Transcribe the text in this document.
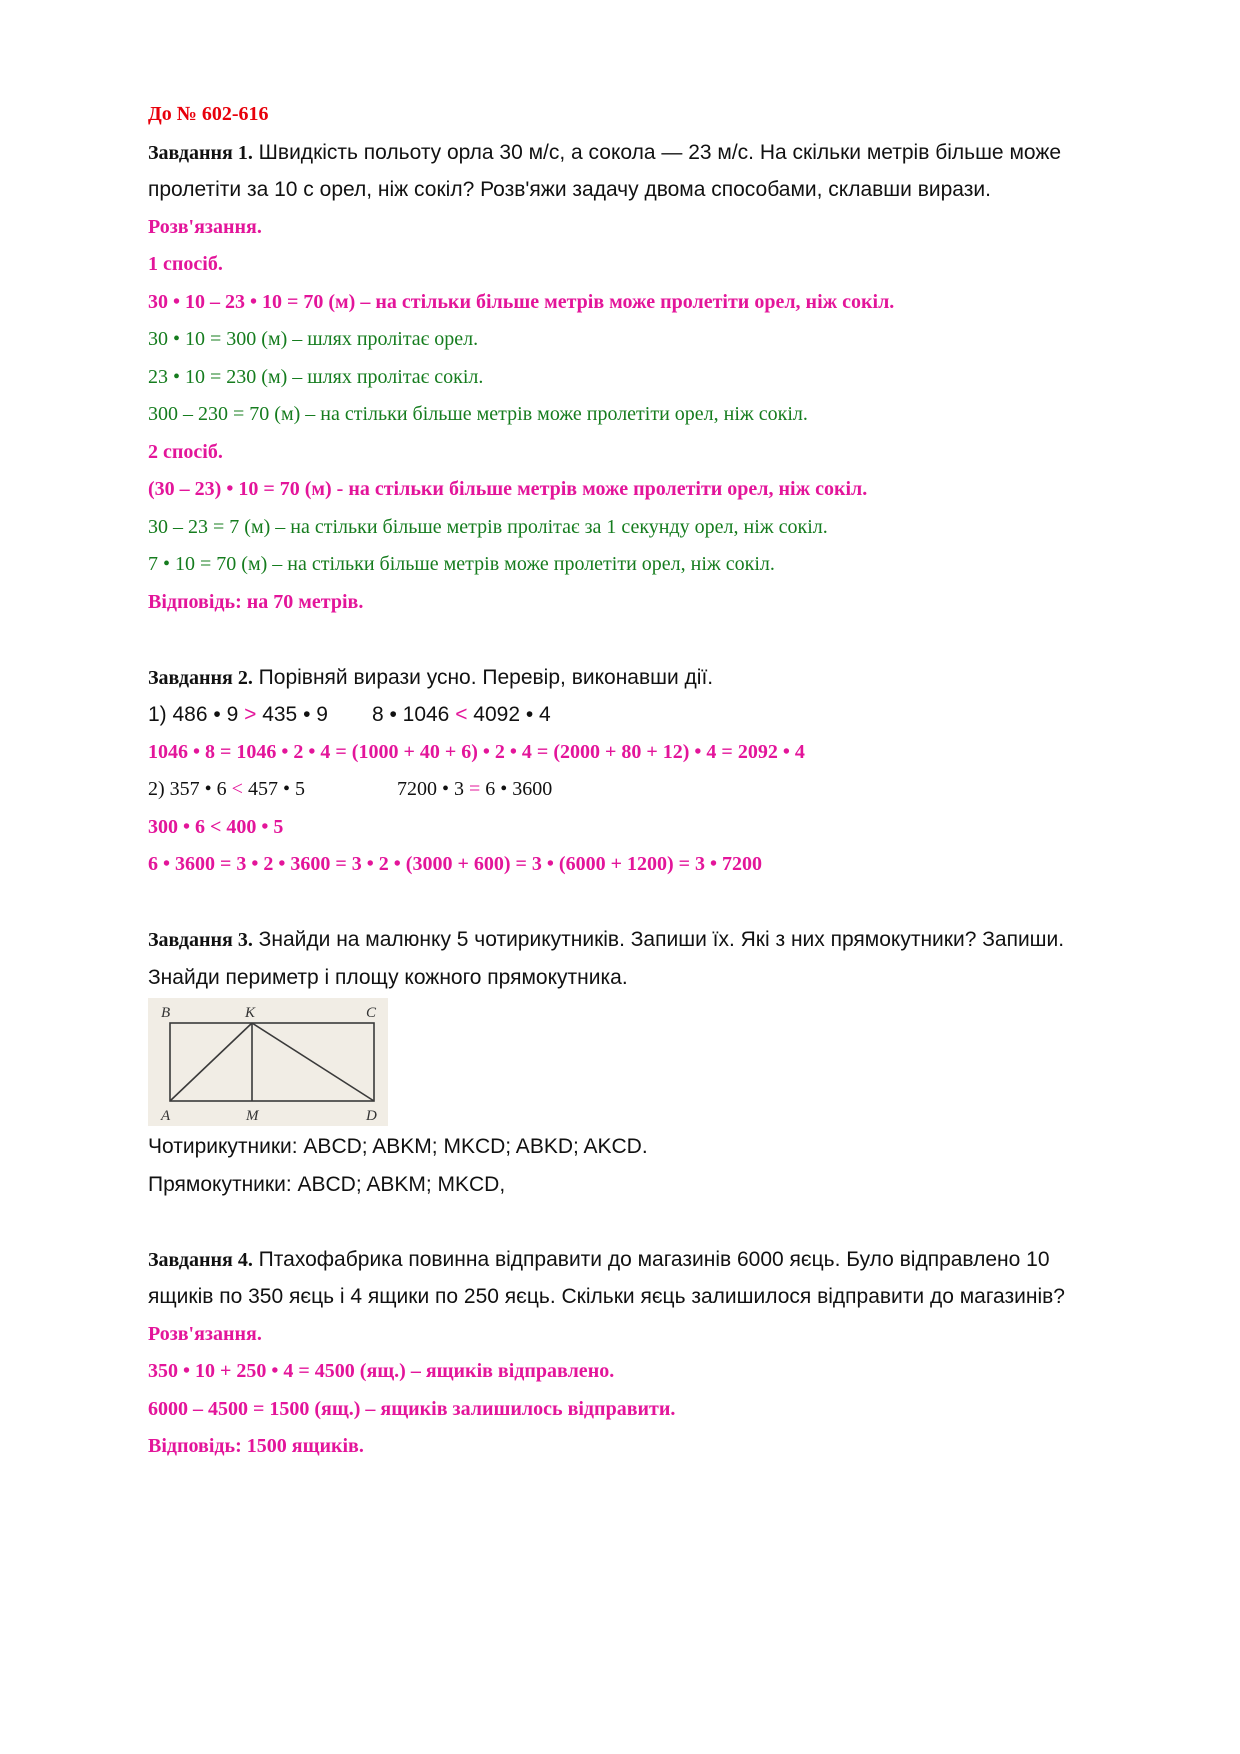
До № 602-616
Завдання 1. Швидкість польоту орла 30 м/с, а сокола — 23 м/с. На скільки метрів більше може
пролетіти за 10 с орел, ніж сокіл? Розв'яжи задачу двома способами, склавши вирази.
Розв'язання.
1 спосіб.
30 • 10 – 23 • 10 = 70 (м) – на стільки більше метрів може пролетіти орел, ніж сокіл.
30 • 10 = 300 (м) – шлях пролітає орел.
23 • 10 = 230 (м) – шлях пролітає сокіл.
300 – 230 = 70 (м) – на стільки більше метрів може пролетіти орел, ніж сокіл.
2 спосіб.
(30 – 23) • 10 = 70 (м) - на стільки більше метрів може пролетіти орел, ніж сокіл.
30 – 23 = 7 (м) – на стільки більше метрів пролітає за 1 секунду орел, ніж сокіл.
7 • 10 = 70 (м) – на стільки більше метрів може пролетіти орел, ніж сокіл.
Відповідь: на 70 метрів.
Завдання 2. Порівняй вирази усно. Перевір, виконавши дії.
1) 486 • 9 > 435 • 9 8 • 1046 < 4092 • 4
1046 • 8 = 1046 • 2 • 4 = (1000 + 40 + 6) • 2 • 4 = (2000 + 80 + 12) • 4 = 2092 • 4
2) 357 • 6 < 457 • 5	7200 • 3 = 6 • 3600
300 • 6 < 400 • 5
6 • 3600 = 3 • 2 • 3600 = 3 • 2 • (3000 + 600) = 3 • (6000 + 1200) = 3 • 7200
Завдання 3. Знайди на малюнку 5 чотирикутників. Запиши їх. Які з них прямокутники? Запиши.
Знайди периметр і площу кожного прямокутника.
B	K	C
A	M	D
Чотирикутники: ABCD; ABKM; MKCD; ABKD; AKCD.
Прямокутники: ABCD; ABKM; MKCD,
Завдання 4. Птахофабрика повинна відправити до магазинів 6000 яєць. Було відправлено 10
ящиків по 350 яєць і 4 ящики по 250 яєць. Скільки яєць залишилося відправити до магазинів?
Розв'язання.
350 • 10 + 250 • 4 = 4500 (ящ.) – ящиків відправлено.
6000 – 4500 = 1500 (ящ.) – ящиків залишилось відправити.
Відповідь: 1500 ящиків.
